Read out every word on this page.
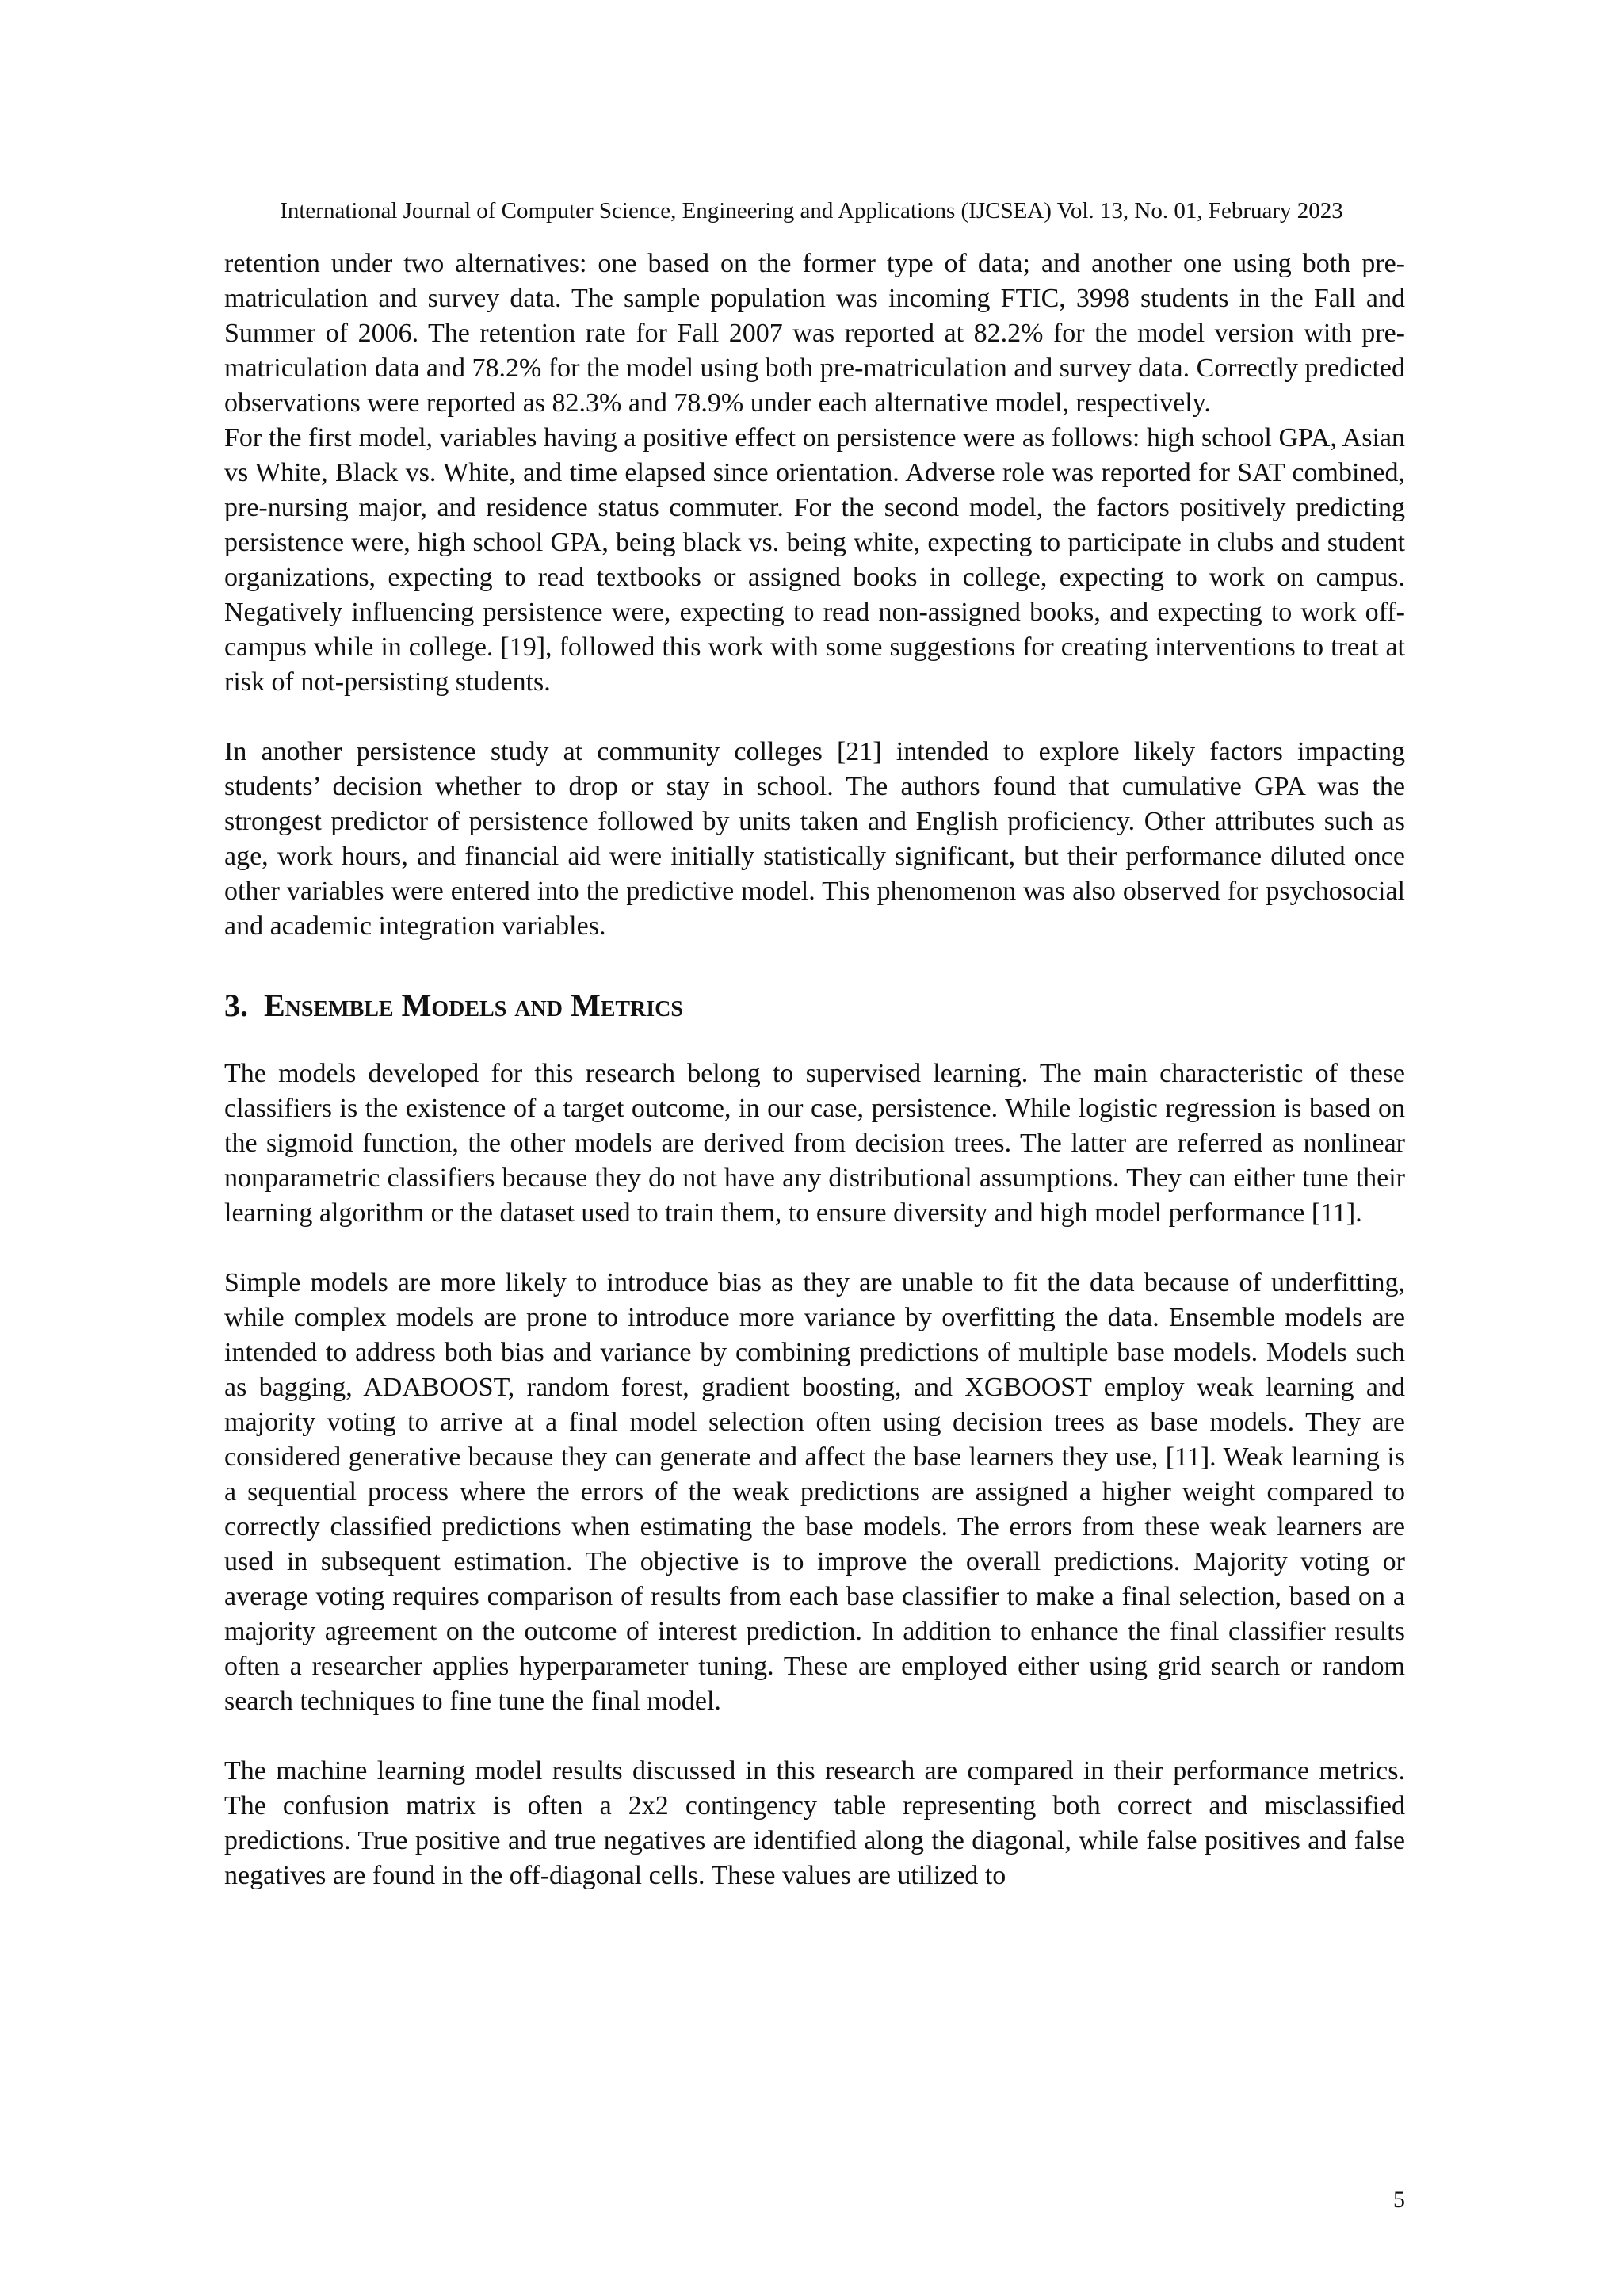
International Journal of Computer Science, Engineering and Applications (IJCSEA) Vol. 13, No. 01, February 2023

retention under two alternatives: one based on the former type of data; and another one using both pre-matriculation and survey data. The sample population was incoming FTIC, 3998 students in the Fall and Summer of 2006. The retention rate for Fall 2007 was reported at 82.2% for the model version with pre-matriculation data and 78.2% for the model using both pre-matriculation and survey data. Correctly predicted observations were reported as 82.3% and 78.9% under each alternative model, respectively.

For the first model, variables having a positive effect on persistence were as follows: high school GPA, Asian vs White, Black vs. White, and time elapsed since orientation. Adverse role was reported for SAT combined, pre-nursing major, and residence status commuter. For the second model, the factors positively predicting persistence were, high school GPA, being black vs. being white, expecting to participate in clubs and student organizations, expecting to read textbooks or assigned books in college, expecting to work on campus. Negatively influencing persistence were, expecting to read non-assigned books, and expecting to work off-campus while in college. [19], followed this work with some suggestions for creating interventions to treat at risk of not-persisting students.

In another persistence study at community colleges [21] intended to explore likely factors impacting students’ decision whether to drop or stay in school. The authors found that cumulative GPA was the strongest predictor of persistence followed by units taken and English proficiency. Other attributes such as age, work hours, and financial aid were initially statistically significant, but their performance diluted once other variables were entered into the predictive model. This phenomenon was also observed for psychosocial and academic integration variables.

3. Ensemble Models and Metrics

The models developed for this research belong to supervised learning. The main characteristic of these classifiers is the existence of a target outcome, in our case, persistence. While logistic regression is based on the sigmoid function, the other models are derived from decision trees. The latter are referred as nonlinear nonparametric classifiers because they do not have any distributional assumptions. They can either tune their learning algorithm or the dataset used to train them, to ensure diversity and high model performance [11].

Simple models are more likely to introduce bias as they are unable to fit the data because of underfitting, while complex models are prone to introduce more variance by overfitting the data. Ensemble models are intended to address both bias and variance by combining predictions of multiple base models. Models such as bagging, ADABOOST, random forest, gradient boosting, and XGBOOST employ weak learning and majority voting to arrive at a final model selection often using decision trees as base models. They are considered generative because they can generate and affect the base learners they use, [11]. Weak learning is a sequential process where the errors of the weak predictions are assigned a higher weight compared to correctly classified predictions when estimating the base models. The errors from these weak learners are used in subsequent estimation. The objective is to improve the overall predictions. Majority voting or average voting requires comparison of results from each base classifier to make a final selection, based on a majority agreement on the outcome of interest prediction. In addition to enhance the final classifier results often a researcher applies hyperparameter tuning. These are employed either using grid search or random search techniques to fine tune the final model.

The machine learning model results discussed in this research are compared in their performance metrics. The confusion matrix is often a 2x2 contingency table representing both correct and misclassified predictions. True positive and true negatives are identified along the diagonal, while false positives and false negatives are found in the off-diagonal cells. These values are utilized to

5
